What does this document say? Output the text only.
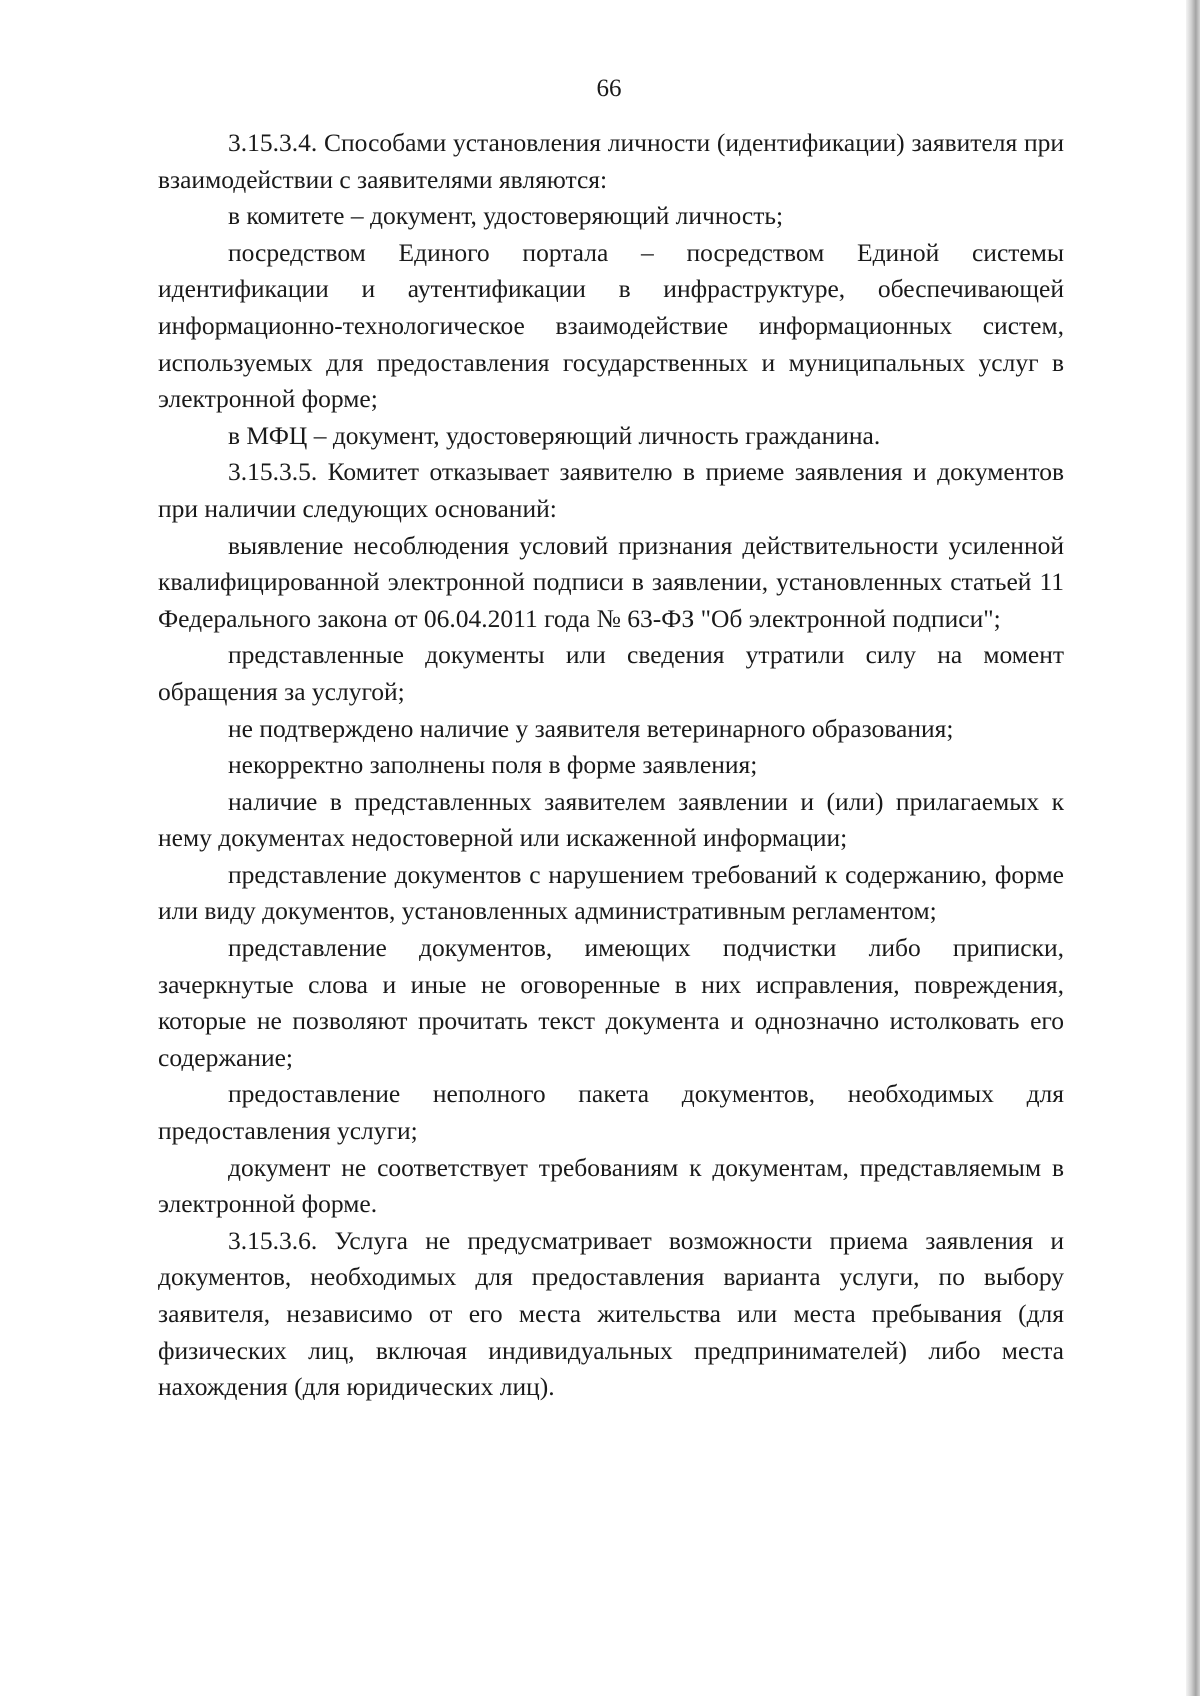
66

3.15.3.4. Способами установления личности (идентификации) заявителя при взаимодействии с заявителями являются:

в комитете – документ, удостоверяющий личность;

посредством Единого портала – посредством Единой системы идентификации и аутентификации в инфраструктуре, обеспечивающей информационно-технологическое взаимодействие информационных систем, используемых для предоставления государственных и муниципальных услуг в электронной форме;

в МФЦ – документ, удостоверяющий личность гражданина.

3.15.3.5. Комитет отказывает заявителю в приеме заявления и документов при наличии следующих оснований:

выявление несоблюдения условий признания действительности усиленной квалифицированной электронной подписи в заявлении, установленных статьей 11 Федерального закона от 06.04.2011 года № 63-ФЗ "Об электронной подписи";

представленные документы или сведения утратили силу на момент обращения за услугой;

не подтверждено наличие у заявителя ветеринарного образования;

некорректно заполнены поля в форме заявления;

наличие в представленных заявителем заявлении и (или) прилагаемых к нему документах недостоверной или искаженной информации;

представление документов с нарушением требований к содержанию, форме или виду документов, установленных административным регламентом;

представление документов, имеющих подчистки либо приписки, зачеркнутые слова и иные не оговоренные в них исправления, повреждения, которые не позволяют прочитать текст документа и однозначно истолковать его содержание;

предоставление неполного пакета документов, необходимых для предоставления услуги;

документ не соответствует требованиям к документам, представляемым в электронной форме.

3.15.3.6. Услуга не предусматривает возможности приема заявления и документов, необходимых для предоставления варианта услуги, по выбору заявителя, независимо от его места жительства или места пребывания (для физических лиц, включая индивидуальных предпринимателей) либо места нахождения (для юридических лиц).
